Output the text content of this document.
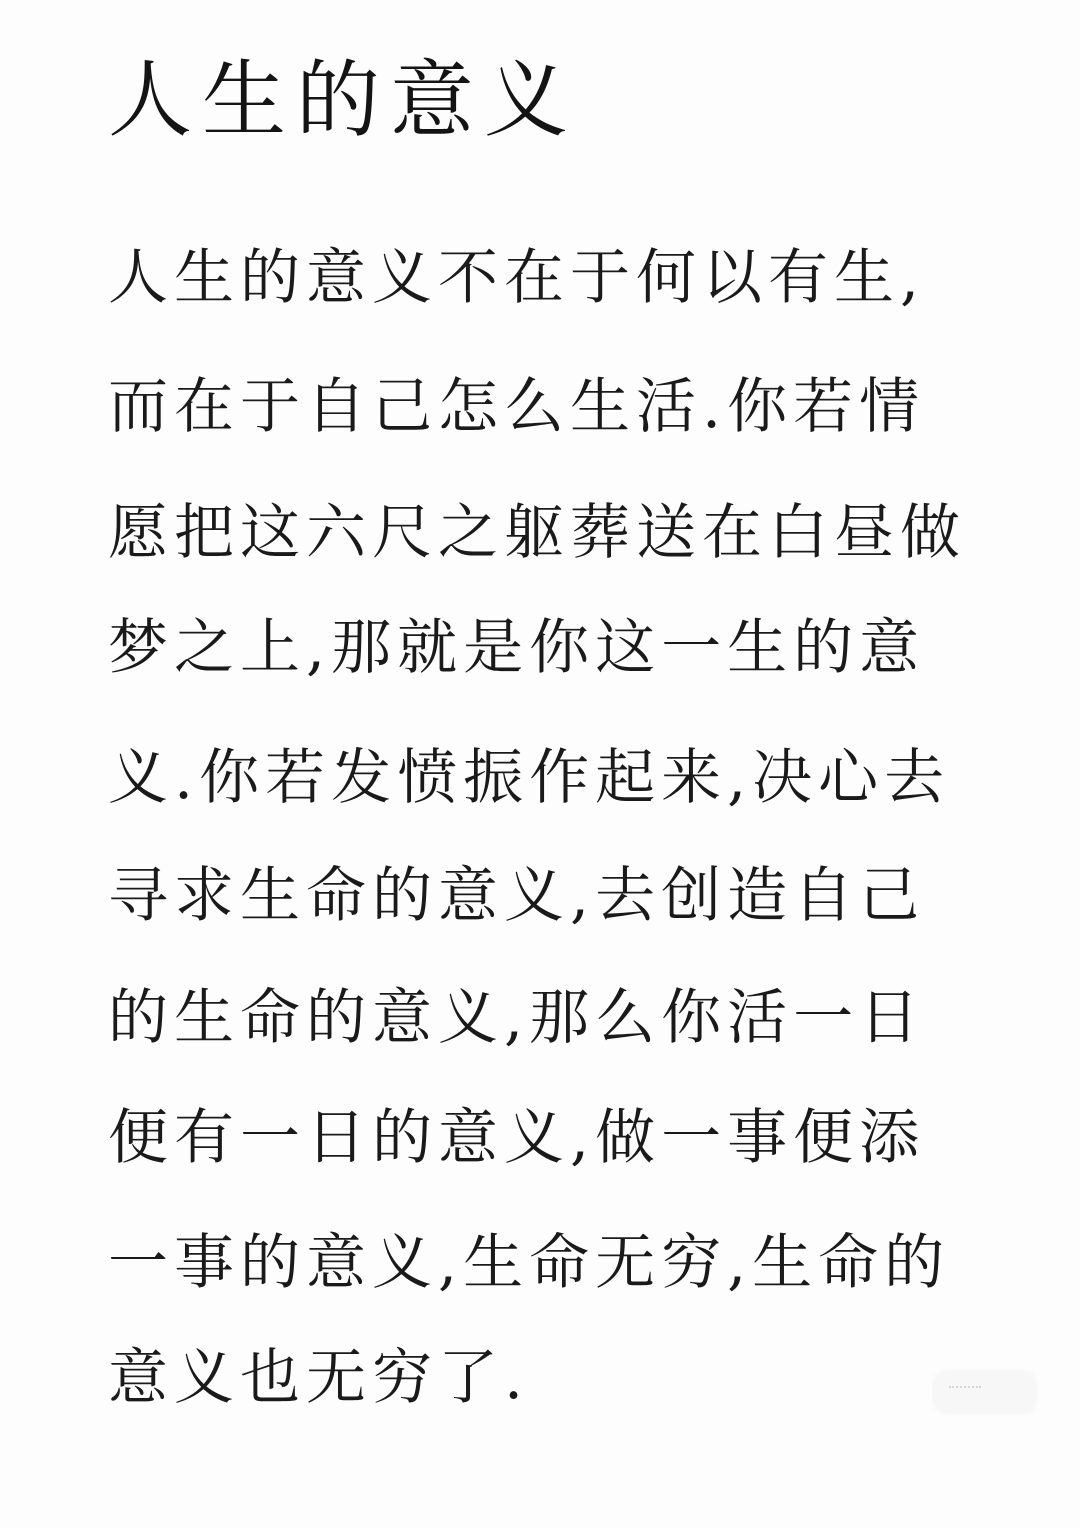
人生的意义

人生的意义不在于何以有生,

而在于自己怎么生活.你若情

愿把这六尺之躯葬送在白昼做

梦之上,那就是你这一生的意

义.你若发愤振作起来,决心去

寻求生命的意义,去创造自己

的生命的意义,那么你活一日

便有一日的意义,做一事便添

一事的意义,生命无穷,生命的

意义也无穷了.
